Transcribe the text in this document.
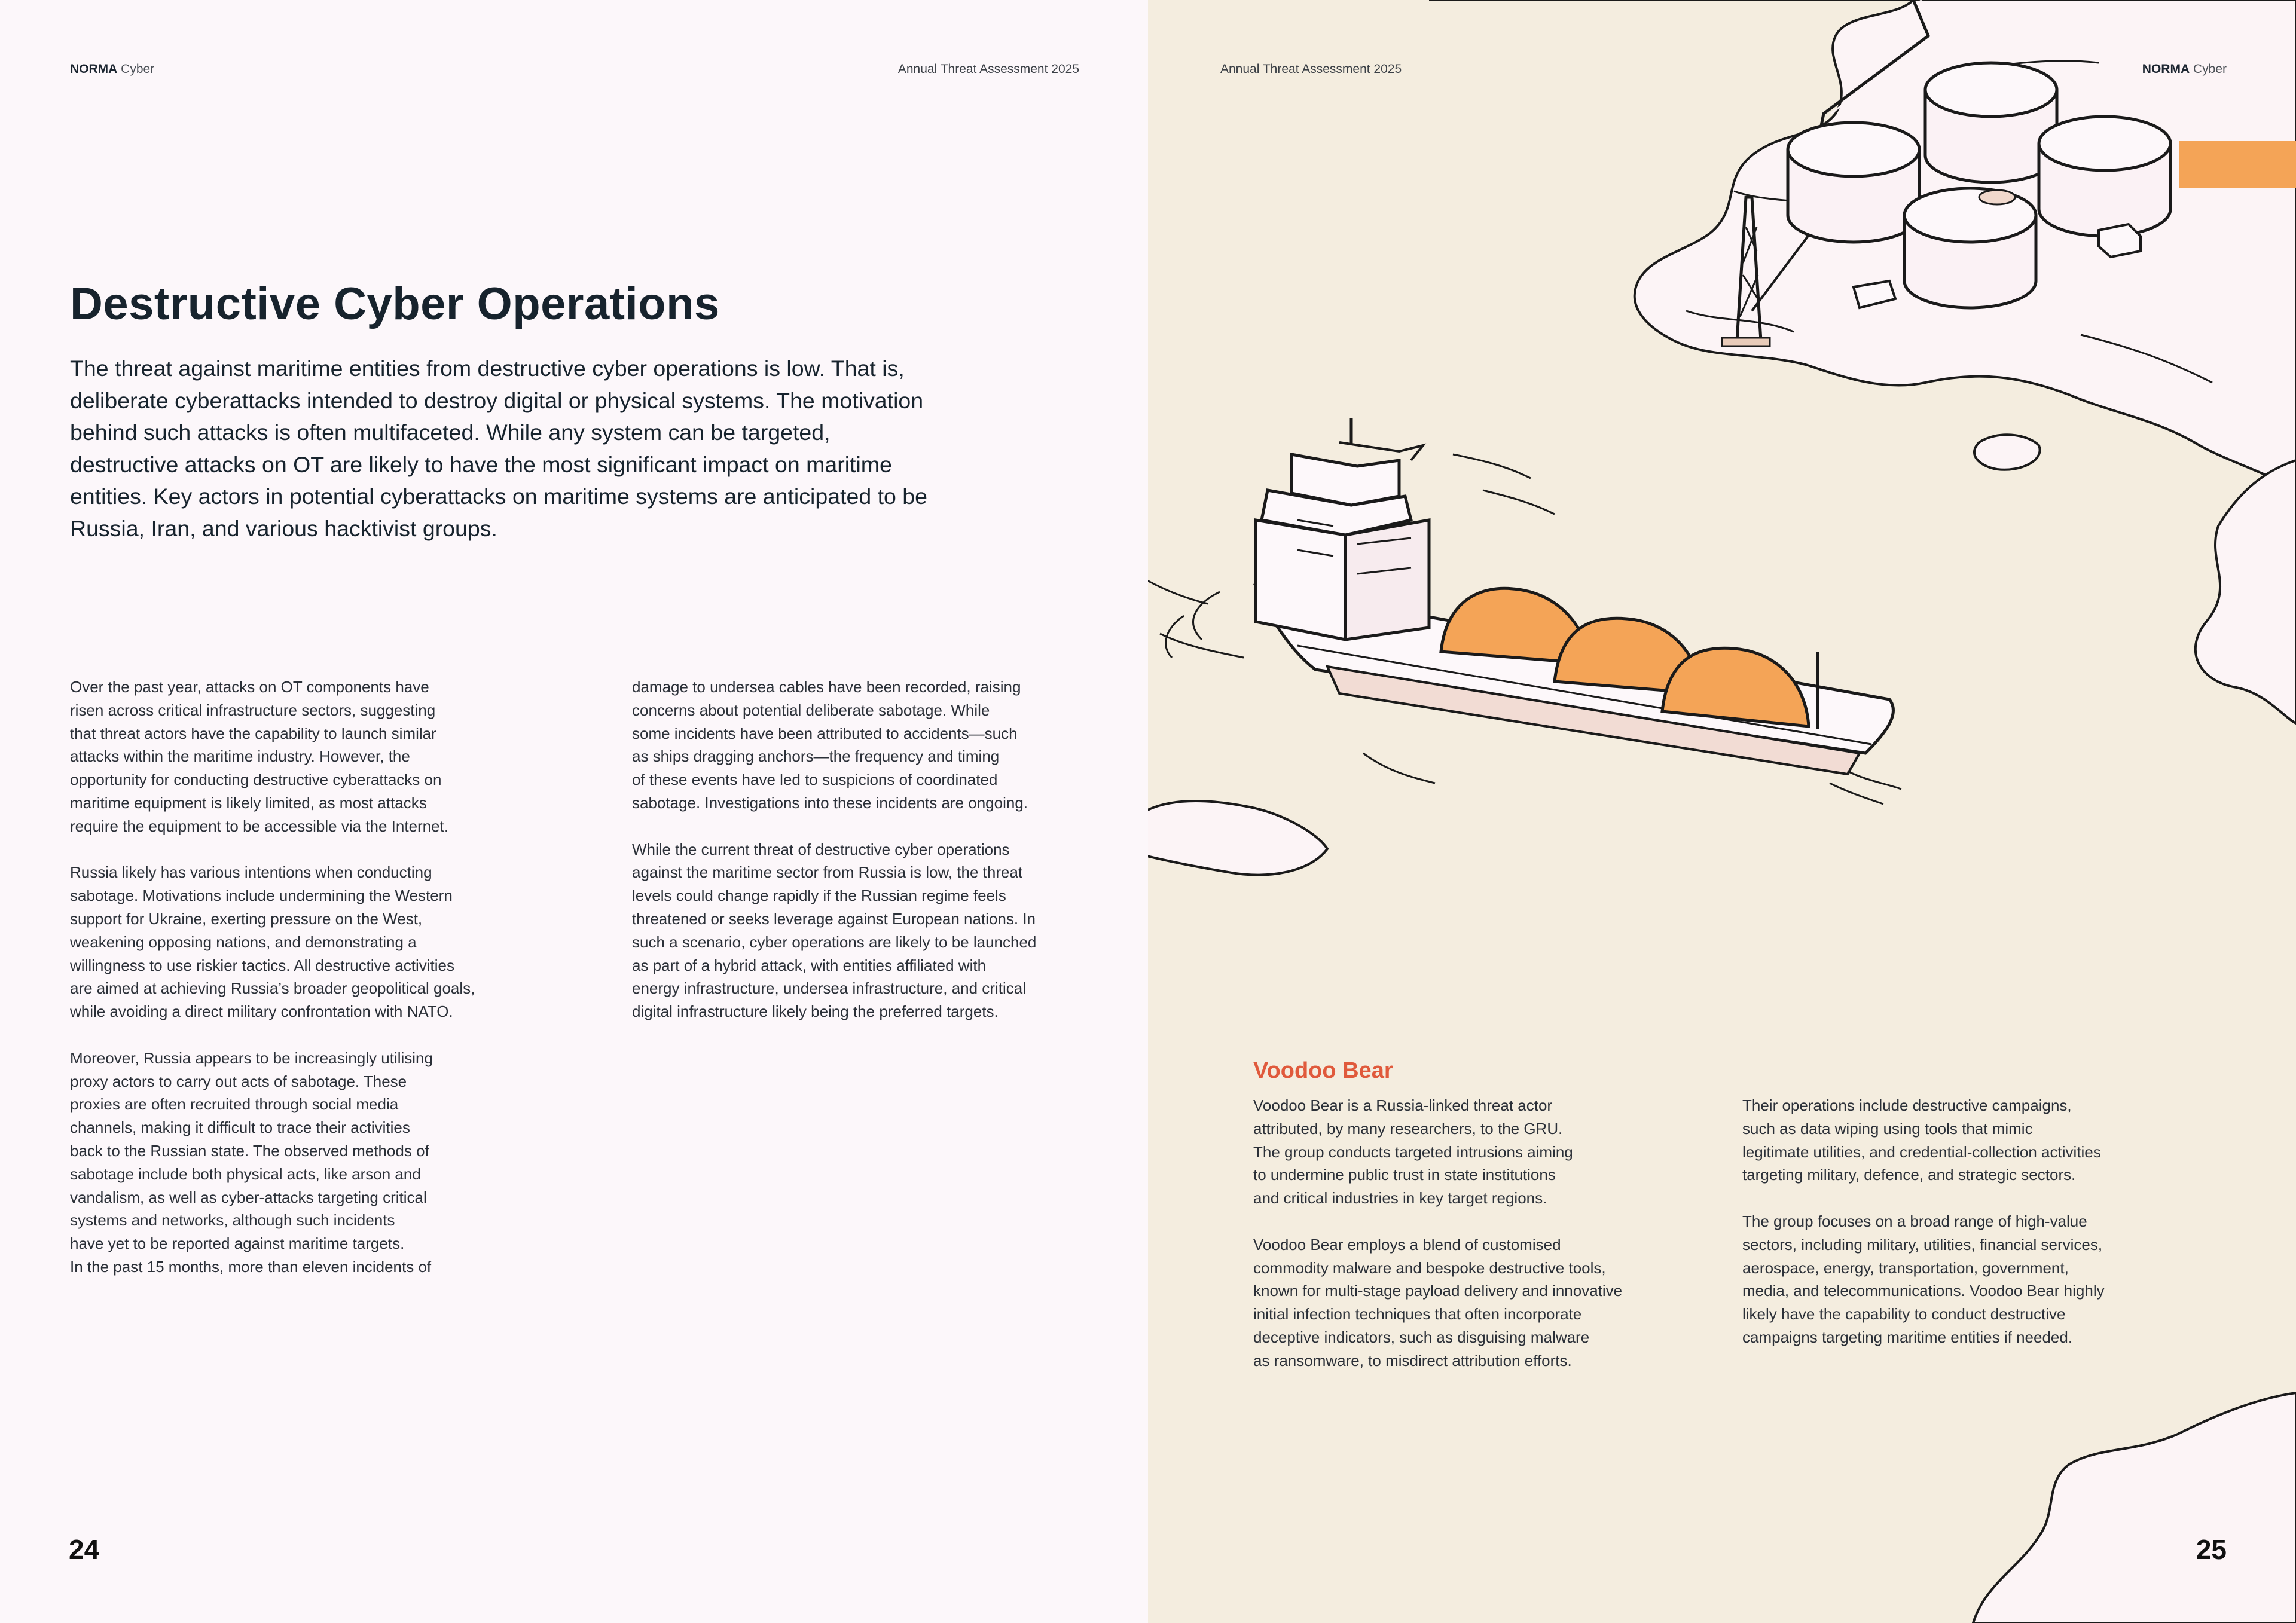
NORMA Cyber	Annual Threat Assessment 2025
Destructive Cyber Operations

The threat against maritime entities from destructive cyber operations is low. That is, deliberate cyberattacks intended to destroy digital or physical systems. The motivation behind such attacks is often multifaceted. While any system can be targeted, destructive attacks on OT are likely to have the most significant impact on maritime entities. Key actors in potential cyberattacks on maritime systems are anticipated to be Russia, Iran, and various hacktivist groups.

Over the past year, attacks on OT components have
risen across critical infrastructure sectors, suggesting
that threat actors have the capability to launch similar
attacks within the maritime industry. However, the
opportunity for conducting destructive cyberattacks on
maritime equipment is likely limited, as most attacks
require the equipment to be accessible via the Internet.

Russia likely has various intentions when conducting
sabotage. Motivations include undermining the Western
support for Ukraine, exerting pressure on the West,
weakening opposing nations, and demonstrating a
willingness to use riskier tactics. All destructive activities
are aimed at achieving Russia’s broader geopolitical goals,
while avoiding a direct military confrontation with NATO.

Moreover, Russia appears to be increasingly utilising
proxy actors to carry out acts of sabotage. These
proxies are often recruited through social media
channels, making it difficult to trace their activities
back to the Russian state. The observed methods of
sabotage include both physical acts, like arson and
vandalism, as well as cyber-attacks targeting critical
systems and networks, although such incidents
have yet to be reported against maritime targets.
In the past 15 months, more than eleven incidents of

damage to undersea cables have been recorded, raising
concerns about potential deliberate sabotage. While
some incidents have been attributed to accidents—such
as ships dragging anchors—the frequency and timing
of these events have led to suspicions of coordinated
sabotage. Investigations into these incidents are ongoing.

While the current threat of destructive cyber operations
against the maritime sector from Russia is low, the threat
levels could change rapidly if the Russian regime feels
threatened or seeks leverage against European nations. In
such a scenario, cyber operations are likely to be launched
as part of a hybrid attack, with entities affiliated with
energy infrastructure, undersea infrastructure, and critical
digital infrastructure likely being the preferred targets.

24
Annual Threat Assessment 2025	NORMA Cyber
Voodoo Bear

Voodoo Bear is a Russia-linked threat actor
attributed, by many researchers, to the GRU.
The group conducts targeted intrusions aiming
to undermine public trust in state institutions
and critical industries in key target regions.

Voodoo Bear employs a blend of customised
commodity malware and bespoke destructive tools,
known for multi-stage payload delivery and innovative
initial infection techniques that often incorporate
deceptive indicators, such as disguising malware
as ransomware, to misdirect attribution efforts.

Their operations include destructive campaigns,
such as data wiping using tools that mimic
legitimate utilities, and credential-collection activities
targeting military, defence, and strategic sectors.

The group focuses on a broad range of high-value
sectors, including military, utilities, financial services,
aerospace, energy, transportation, government,
media, and telecommunications. Voodoo Bear highly
likely have the capability to conduct destructive
campaigns targeting maritime entities if needed.

25
